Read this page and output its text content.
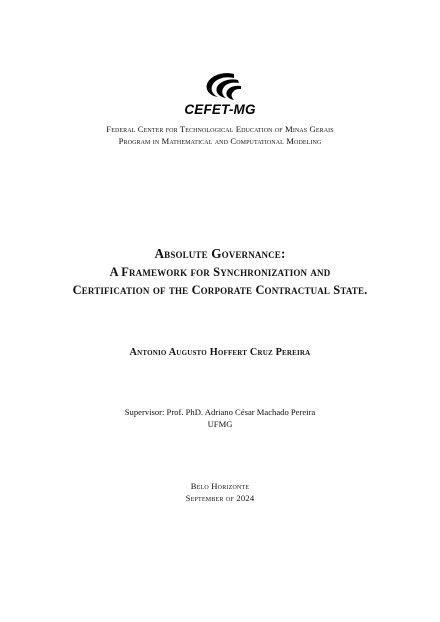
CEFET-MG
Federal Center for Technological Education of Minas Gerais
Program in Mathematical and Computational Modeling
Absolute Governance:
A Framework for Synchronization and
Certification of the Corporate Contractual State.
Antonio Augusto Hoffert Cruz Pereira
Supervisor: Prof. PhD. Adriano César Machado Pereira
UFMG
Belo Horizonte
September of 2024
